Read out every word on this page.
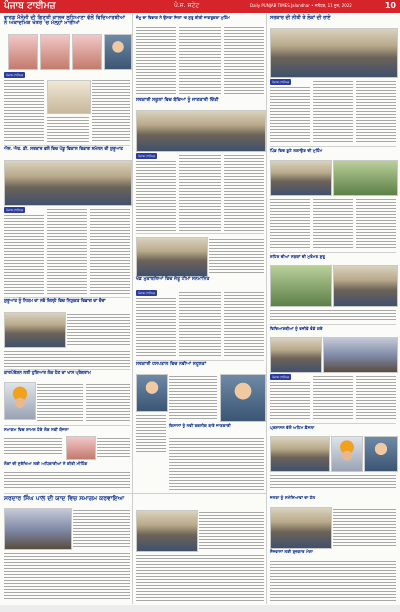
ਪੰਜਾਬ ਟਾਈਮਜ਼	ਪੰ.ਜ. ਸਟੇਟ	Daily PUNJAB TIMES Jalandhar • ਜਲੰਧਰ, 11 ਜੂਨ, 2022	10
ਵਾਰਡ ਮੈਨੇਜੀ ਦੀ ਗਿਣਤੀ ਕਾਲਜ ਲੁਧਿਆਣਾ ਵੱਲੋਂ ਵਿਦਿਆਰਥੀਆਂ ਨੇ ਅਕਾਦਮਿਕ ਖੇਤਰ 'ਚ ਮੱਲ੍ਹਾਂ ਮਾਰੀਆਂ
ਪੰਜਾਬ ਟਾਈਮਜ਼
ਐਸ. ਐਫ. ਡੀ. ਸਰਕਾਰ ਵਲੋਂ ਵਿਚ ਪੇਂਡੂ ਵਿਕਾਸ ਵਿਭਾਗ ਸਮੇਲਨ ਦੀ ਸ਼ੁਰੂਆਤ
ਪੰਜਾਬ ਟਾਈਮਜ਼
ਸ਼ੁਰੂਆਤ ਨੂੰ ਨਿਯਮ ਦਾ ਨਵੇਂ ਜ਼ਿਲ੍ਹੇ ਵਿਚ ਨਿਯੁਕਤ ਵਿਭਾਗ ਦਾ ਦੌਰਾ
ਕਾਰਪੋਰੇਸ਼ਨ ਲਈ ਹੁਸ਼ਿਆਰ ਲੋਕ ਹੋਣ ਦਾ ਖਾਸ ਪ੍ਰੋਗਰਾਮ
ਸਮਾਗਮ ਵਿਚ ਸ਼ਾਮਲ ਹੋਏ ਲੋਕ ਨਵੀਂ ਯੋਜਨਾ
ਲੋਕਾਂ ਦੀ ਸੁਰੱਖਿਆ ਲਈ ਅਧਿਕਾਰੀਆਂ ਨੇ ਕੀਤੀ ਮੀਟਿੰਗ
ਸਰਦਾਰ ਸਿੰਘ ਪਾਲ ਦੀ ਯਾਦ ਵਿਚ ਸਮਾਗਮ ਕਰਵਾਇਆ
ਜੰਮੂ ਦਾ ਵਿਭਾਗ ਨੇ ਉਸਰਾ ਜਿਲਾਂ 'ਚ ਸ਼ੁਰੂ ਕੀਤੀ ਜਾਗਰੂਕਤਾ ਮੁਹਿੰਮ
ਸਰਕਾਰੀ ਸਕੂਲਾਂ ਵਿਚ ਬੱਚਿਆਂ ਨੂੰ ਜਾਣਕਾਰੀ ਦਿੱਤੀ
ਪੰਜਾਬ ਟਾਈਮਜ਼
ਖੇਡ ਮੁਕਾਬਲਿਆਂ ਵਿਚ ਜੇਤੂ ਟੀਮਾਂ ਸਨਮਾਨਿਤ
ਪੰਜਾਬ ਟਾਈਮਜ਼
ਸਰਕਾਰੀ ਹਸਪਤਾਲ ਵਿਚ ਨਵੀਆਂ ਸਹੂਲਤਾਂ
ਕਿਸਾਨਾਂ ਨੂੰ ਨਵੀਂ ਤਕਨੀਕ ਬਾਰੇ ਜਾਣਕਾਰੀ
ਸਰਕਾਰ ਦੀ ਨੀਤੀ ਤੇ ਲੋਕਾਂ ਦੀ ਰਾਏ
ਪੰਜਾਬ ਟਾਈਮਜ਼
ਪਿੰਡ ਵਿਚ ਬੂਟੇ ਲਗਾਉਣ ਦੀ ਮੁਹਿੰਮ
ਸ਼ਹਿਰ ਦੀਆਂ ਸੜਕਾਂ ਦੀ ਮੁਰੰਮਤ ਸ਼ੁਰੂ
ਵਿਦਿਆਰਥੀਆਂ ਨੂੰ ਵਜ਼ੀਫ਼ੇ ਵੰਡੇ ਗਏ
ਪੰਜਾਬ ਟਾਈਮਜ਼
ਪ੍ਰਸ਼ਾਸਨ ਵੱਲੋਂ ਅਹਿਮ ਫ਼ੈਸਲਾ
ਜਨਤਾ ਨੂੰ ਸਮੱਸਿਆਵਾਂ ਦਾ ਹੱਲ
ਨੌਜਵਾਨਾਂ ਲਈ ਰੁਜ਼ਗਾਰ ਮੇਲਾ
